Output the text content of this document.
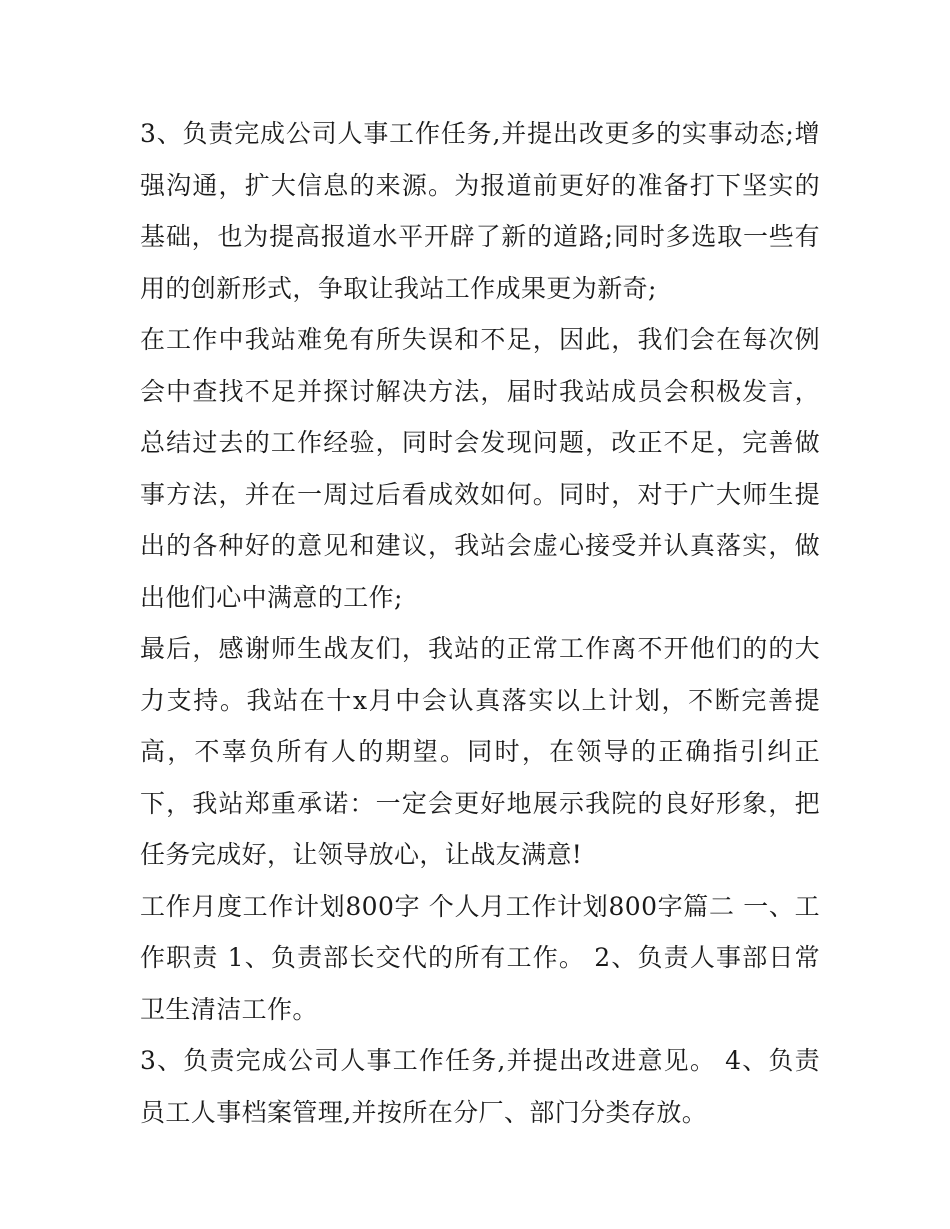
3、负责完成公司人事工作任务,并提出改更多的实事动态;增强沟通，扩大信息的来源。为报道前更好的准备打下坚实的基础，也为提高报道水平开辟了新的道路;同时多选取一些有用的创新形式，争取让我站工作成果更为新奇;

在工作中我站难免有所失误和不足，因此，我们会在每次例会中查找不足并探讨解决方法，届时我站成员会积极发言，总结过去的工作经验，同时会发现问题，改正不足，完善做事方法，并在一周过后看成效如何。同时，对于广大师生提出的各种好的意见和建议，我站会虚心接受并认真落实，做出他们心中满意的工作;

最后，感谢师生战友们，我站的正常工作离不开他们的的大力支持。我站在十x月中会认真落实以上计划，不断完善提高，不辜负所有人的期望。同时，在领导的正确指引纠正下，我站郑重承诺：一定会更好地展示我院的良好形象，把任务完成好，让领导放心，让战友满意!

工作月度工作计划800字 个人月工作计划800字篇二 一、工作职责 1、负责部长交代的所有工作。 2、负责人事部日常卫生清洁工作。

3、负责完成公司人事工作任务,并提出改进意见。 4、负责员工人事档案管理,并按所在分厂、部门分类存放。
